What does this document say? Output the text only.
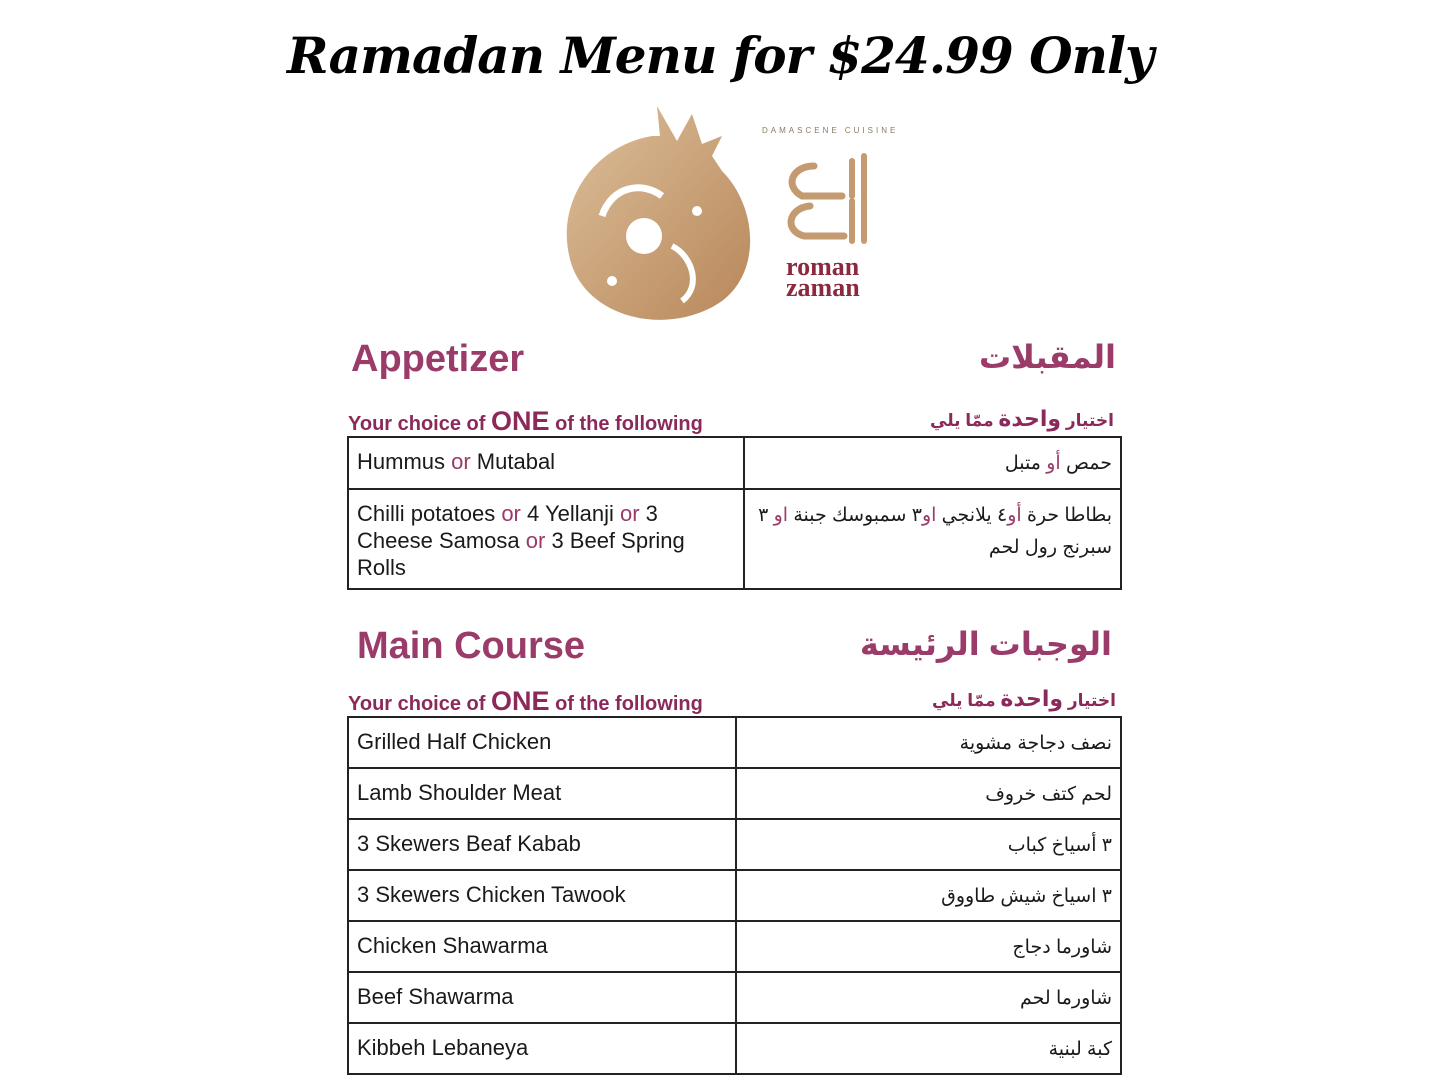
Ramadan Menu for $24.99 Only
DAMASCENE CUISINE
roman
zaman
Appetizer	المقبلات
Your choice of ONE of the following	اختيار واحدة ممّا يلي
Hummus or Mutabal	حمص أو متبل
Chilli potatoes or 4 Yellanji or 3 Cheese Samosa or 3 Beef Spring Rolls	بطاطا حرة أو٤ يلانجي او٣ سمبوسك جبنة او ٣ سبرنج رول لحم
Main Course	الوجبات الرئيسة
Your choice of ONE of the following	اختيار واحدة ممّا يلي
Grilled Half Chicken	نصف دجاجة مشوية
Lamb Shoulder Meat	لحم كتف خروف
3 Skewers Beaf Kabab	٣ أسياخ كباب
3 Skewers Chicken Tawook	٣ اسياخ شيش طاووق
Chicken Shawarma	شاورما دجاج
Beef Shawarma	شاورما لحم
Kibbeh Lebaneya	كبة لبنية
